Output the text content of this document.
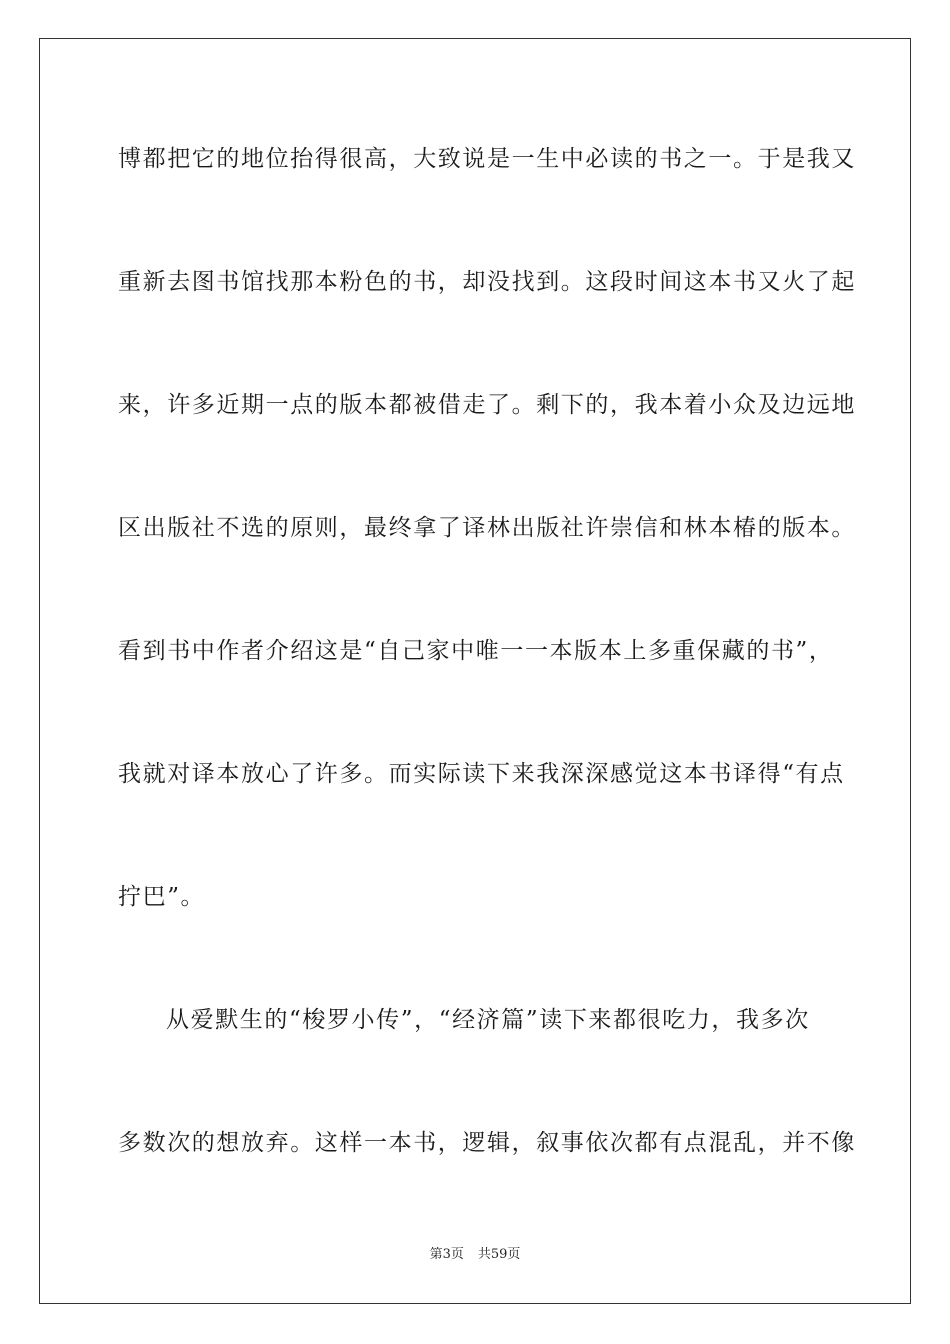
博都把它的地位抬得很高，大致说是一生中必读的书之一。于是我又
重新去图书馆找那本粉色的书，却没找到。这段时间这本书又火了起
来，许多近期一点的版本都被借走了。剩下的，我本着小众及边远地
区出版社不选的原则，最终拿了译林出版社许崇信和林本椿的版本。
看到书中作者介绍这是“自己家中唯一一本版本上多重保藏的书”，
我就对译本放心了许多。而实际读下来我深深感觉这本书译得“有点
拧巴”。
从爱默生的“梭罗小传”，“经济篇”读下来都很吃力，我多次
多数次的想放弃。这样一本书，逻辑，叙事依次都有点混乱，并不像
第3页 共59页
